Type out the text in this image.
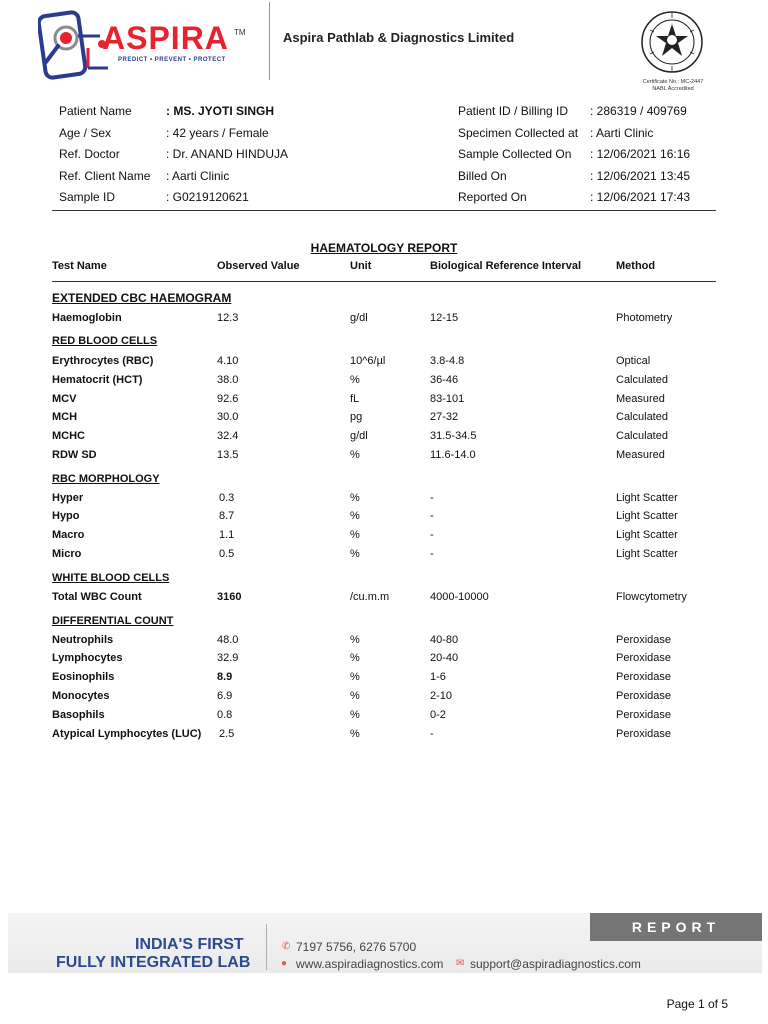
ASPIRA TM
PREDICT • PREVENT • PROTECT
Aspira Pathlab & Diagnostics Limited
Certificate No.: MC-2447
NABL Accredited
Patient Name	: MS. JYOTI SINGH
Age / Sex	: 42 years / Female
Ref. Doctor	: Dr. ANAND HINDUJA
Ref. Client Name : Aarti Clinic
Sample ID	: G0219120621
Patient ID / Billing ID : 286319 / 409769
Specimen Collected at : Aarti Clinic
Sample Collected On : 12/06/2021 16:16
Billed On	: 12/06/2021 13:45
Reported On	: 12/06/2021 17:43
HAEMATOLOGY REPORT
Test Name	Observed Value	Unit	Biological Reference Interval	Method
EXTENDED CBC HAEMOGRAM
Haemoglobin	12.3	g/dl	12-15	Photometry
RED BLOOD CELLS
Erythrocytes (RBC)	4.10	10^6/µl	3.8-4.8	Optical
Hematocrit (HCT)	38.0	%	36-46	Calculated
MCV	92.6	fL	83-101	Measured
MCH	30.0	pg	27-32	Calculated
MCHC	32.4	g/dl	31.5-34.5	Calculated
RDW SD	13.5	%	11.6-14.0	Measured
RBC MORPHOLOGY
Hyper	0.3	%	-	Light Scatter
Hypo	8.7	%	-	Light Scatter
Macro	1.1	%	-	Light Scatter
Micro	0.5	%	-	Light Scatter
WHITE BLOOD CELLS
Total WBC Count	3160	/cu.m.m	4000-10000	Flowcytometry
DIFFERENTIAL COUNT
Neutrophils	48.0	%	40-80	Peroxidase
Lymphocytes	32.9	%	20-40	Peroxidase
Eosinophils	8.9	%	1-6	Peroxidase
Monocytes	6.9	%	2-10	Peroxidase
Basophils	0.8	%	0-2	Peroxidase
Atypical Lymphocytes (LUC) 2.5	%	-	Peroxidase
REPORT
INDIA'S FIRST
FULLY INTEGRATED LAB
✆ 7197 5756, 6276 5700
● www.aspiradiagnostics.com ✉ support@aspiradiagnostics.com
Page 1 of 5
